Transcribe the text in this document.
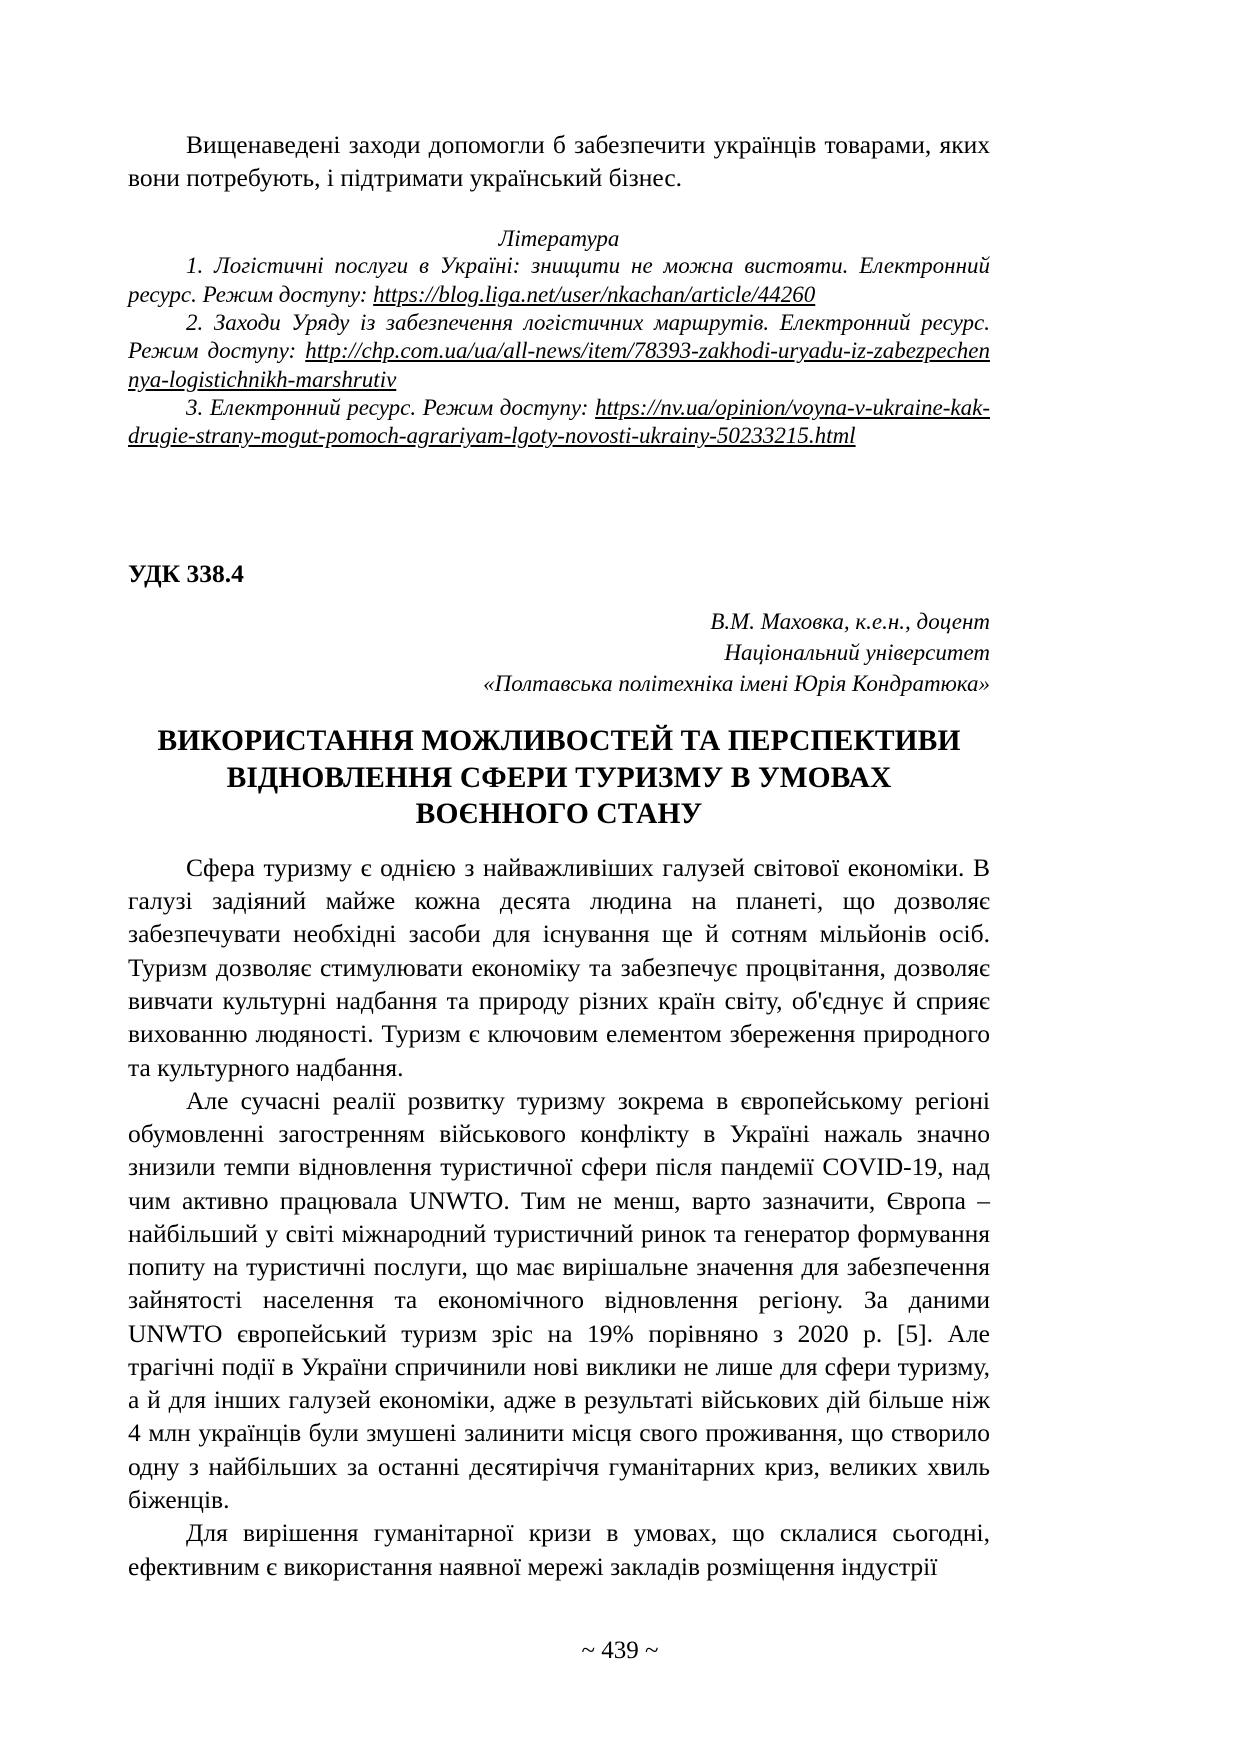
Вищенаведені заходи допомогли б забезпечити українців товарами, яких вони потребують, і підтримати український бізнес.

Література

1. Логістичні послуги в Україні: знищити не можна вистояти. Електронний ресурс. Режим доступу: https://blog.liga.net/user/nkachan/article/44260

2. Заходи Уряду із забезпечення логістичних маршрутів. Електронний ресурс. Режим доступу: http://chp.com.ua/ua/all-news/item/78393-zakhodi-uryadu-iz-zabezpechennya-logistichnikh-marshrutiv

3. Електронний ресурс. Режим доступу: https://nv.ua/opinion/voyna-v-ukraine-kak-drugie-strany-mogut-pomoch-agrariyam-lgoty-novosti-ukrainy-50233215.html

УДК 338.4

В.М. Маховка, к.е.н., доцент
Національний університет
«Полтавська політехніка імені Юрія Кондратюка»

ВИКОРИСТАННЯ МОЖЛИВОСТЕЙ ТА ПЕРСПЕКТИВИ
ВІДНОВЛЕННЯ СФЕРИ ТУРИЗМУ В УМОВАХ
ВОЄННОГО СТАНУ

Сфера туризму є однією з найважливіших галузей світової економіки. В галузі задіяний майже кожна десята людина на планеті, що дозволяє забезпечувати необхідні засоби для існування ще й сотням мільйонів осіб. Туризм дозволяє стимулювати економіку та забезпечує процвітання, дозволяє вивчати культурні надбання та природу різних країн світу, об'єднує й сприяє вихованню людяності. Туризм є ключовим елементом збереження природного та культурного надбання.

Але сучасні реалії розвитку туризму зокрема в європейському регіоні обумовленні загостренням військового конфлікту в Україні нажаль значно знизили темпи відновлення туристичної сфери після пандемії COVID-19, над чим активно працювала UNWTO. Тим не менш, варто зазначити, Європа – найбільший у світі міжнародний туристичний ринок та генератор формування попиту на туристичні послуги, що має вирішальне значення для забезпечення зайнятості населення та економічного відновлення регіону. За даними UNWTO європейський туризм зріс на 19% порівняно з 2020 р. [5]. Але трагічні події в України спричинили нові виклики не лише для сфери туризму, а й для інших галузей економіки, адже в результаті військових дій більше ніж 4 млн українців були змушені залинити місця свого проживання, що створило одну з найбільших за останні десятиріччя гуманітарних криз, великих хвиль біженців.

Для вирішення гуманітарної кризи в умовах, що склалися сьогодні, ефективним є використання наявної мережі закладів розміщення індустрії

~ 439 ~
